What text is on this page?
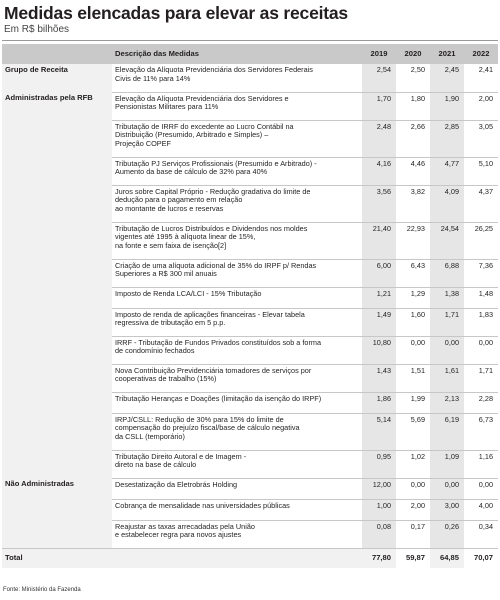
Medidas elencadas para elevar as receitas
Em R$ bilhões
	Descrição das Medidas	2019	2020	2021	2022
Grupo de Receita	Elevação da Alíquota Previdenciária dos Servidores Federais
Civis de 11% para 14%	2,54	2,50	2,45	2,41
Administradas pela RFB	Elevação da Alíquota Previdenciária dos Servidores e
Pensionistas Militares para 11%	1,70	1,80	1,90	2,00

	Tributação de IRRF do excedente ao Lucro Contábil na
Distribuição (Presumido, Arbitrado e Simples) –
Projeção COPEF	2,48	2,66	2,85	3,05

	Tributação PJ Serviços Profissionais (Presumido e Arbitrado) -
Aumento da base de cálculo de 32% para 40%	4,16	4,46	4,77	5,10

	Juros sobre Capital Próprio - Redução gradativa do limite de
dedução para o pagamento em relação
ao montante de lucros e reservas	3,56	3,82	4,09	4,37

	Tributação de Lucros Distribuídos e Dividendos nos moldes
vigentes até 1995 à alíquota linear de 15%,
na fonte e sem faixa de isenção[2]	21,40	22,93	24,54	26,25

	Criação de uma alíquota adicional de 35% do IRPF p/ Rendas
Superiores a R$ 300 mil anuais	6,00	6,43	6,88	7,36

	Imposto de Renda LCA/LCI - 15% Tributação	1,21	1,29	1,38	1,48

	Imposto de renda de aplicações financeiras - Elevar tabela
regressiva de tributação em 5 p.p.	1,49	1,60	1,71	1,83

	IRRF - Tributação de Fundos Privados constituídos sob a forma
de condomínio fechados	10,80	0,00	0,00	0,00

	Nova Contribuição Previdenciária tomadores de serviços por
cooperativas de trabalho (15%)	1,43	1,51	1,61	1,71

	Tributação Heranças e Doações (limitação da isenção do IRPF)	1,86	1,99	2,13	2,28

	IRPJ/CSLL: Redução de 30% para 15% do limite de
compensação do prejuízo fiscal/base de cálculo negativa
da CSLL (temporário)	5,14	5,69	6,19	6,73

	Tributação Direito Autoral e de Imagem -
direto na base de cálculo	0,95	1,02	1,09	1,16
Não Administradas	Desestatização da Eletrobrás Holding	12,00	0,00	0,00	0,00

	Cobrança de mensalidade nas universidades públicas	1,00	2,00	3,00	4,00

	Reajustar as taxas arrecadadas pela União
e estabelecer regra para novos ajustes	0,08	0,17	0,26	0,34
Total		77,80	59,87	64,85	70,07
Fonte: Ministério da Fazenda
